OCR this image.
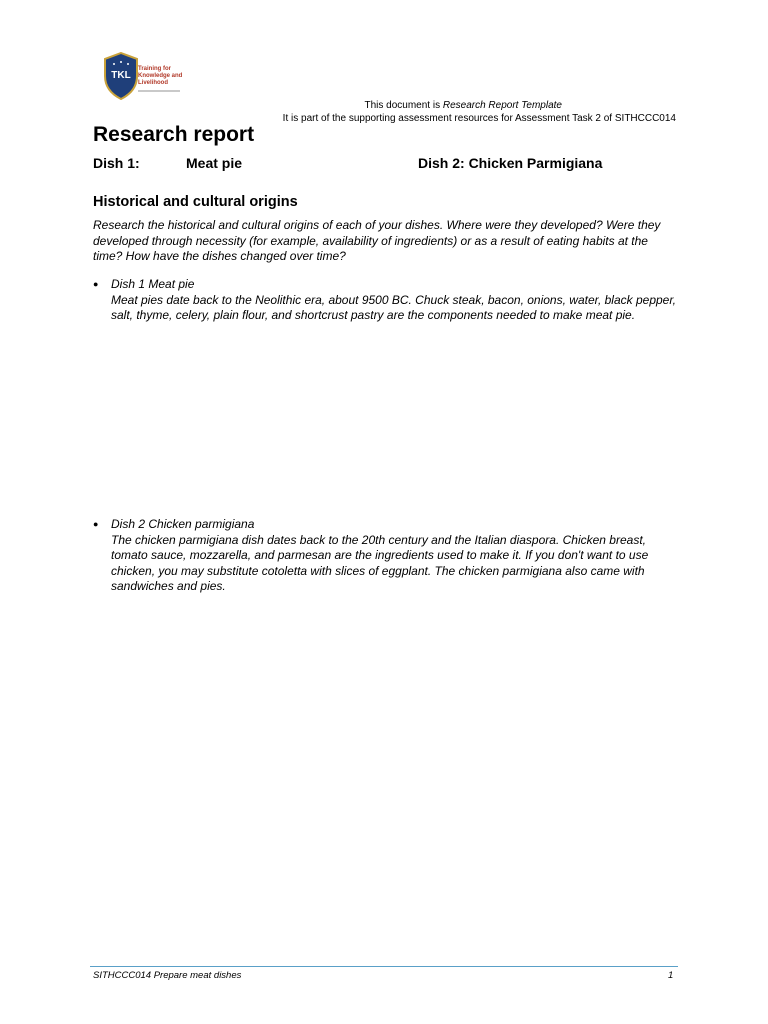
TKL
Training for Knowledge and Livelihood
This document is Research Report Template
It is part of the supporting assessment resources for Assessment Task 2 of SITHCCC014
Research report
Dish 1:	Meat pie	Dish 2: Chicken Parmigiana
Historical and cultural origins

Research the historical and cultural origins of each of your dishes. Where were they developed? Were they developed through necessity (for example, availability of ingredients) or as a result of eating habits at the time? How have the dishes changed over time?

● Dish 1 Meat pie
Meat pies date back to the Neolithic era, about 9500 BC. Chuck steak, bacon, onions, water, black pepper, salt, thyme, celery, plain flour, and shortcrust pastry are the components needed to make meat pie.
● Dish 2 Chicken parmigiana
The chicken parmigiana dish dates back to the 20th century and the Italian diaspora. Chicken breast, tomato sauce, mozzarella, and parmesan are the ingredients used to make it. If you don't want to use chicken, you may substitute cotoletta with slices of eggplant. The chicken parmigiana also came with sandwiches and pies.
SITHCCC014 Prepare meat dishes	1
